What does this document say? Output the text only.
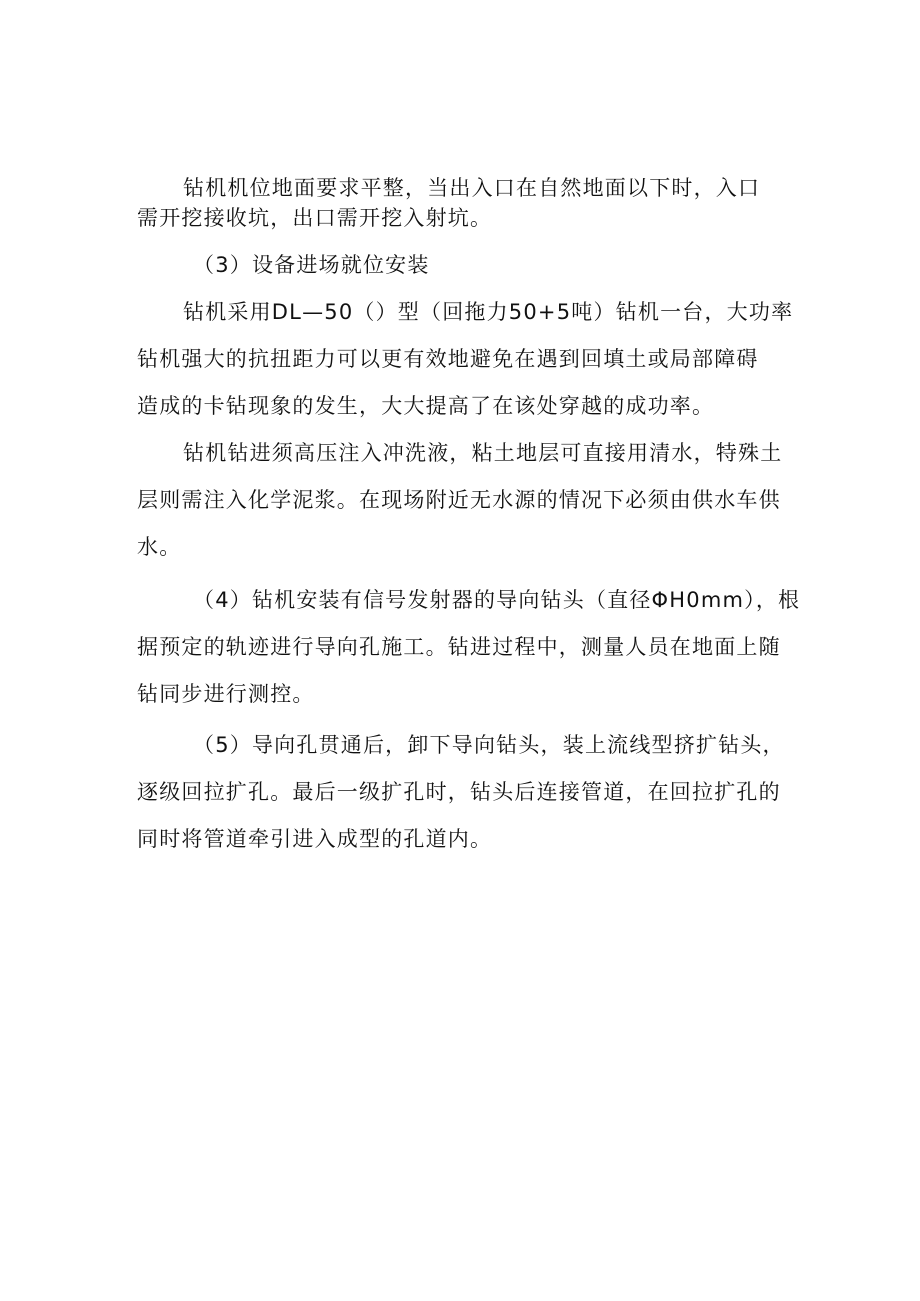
钻机机位地面要求平整，当出入口在自然地面以下时，入口

需开挖接收坑，出口需开挖入射坑。

（3）设备进场就位安装

钻机采用DL—50（）型（回拖力50+5吨）钻机一台，大功率

钻机强大的抗扭距力可以更有效地避免在遇到回填土或局部障碍

造成的卡钻现象的发生，大大提高了在该处穿越的成功率。

钻机钻进须高压注入冲洗液，粘土地层可直接用清水，特殊土

层则需注入化学泥浆。在现场附近无水源的情况下必须由供水车供

水。

（4）钻机安装有信号发射器的导向钻头（直径ΦH0mm），根

据预定的轨迹进行导向孔施工。钻进过程中，测量人员在地面上随

钻同步进行测控。

（5）导向孔贯通后，卸下导向钻头，装上流线型挤扩钻头，

逐级回拉扩孔。最后一级扩孔时，钻头后连接管道，在回拉扩孔的

同时将管道牵引进入成型的孔道内。
